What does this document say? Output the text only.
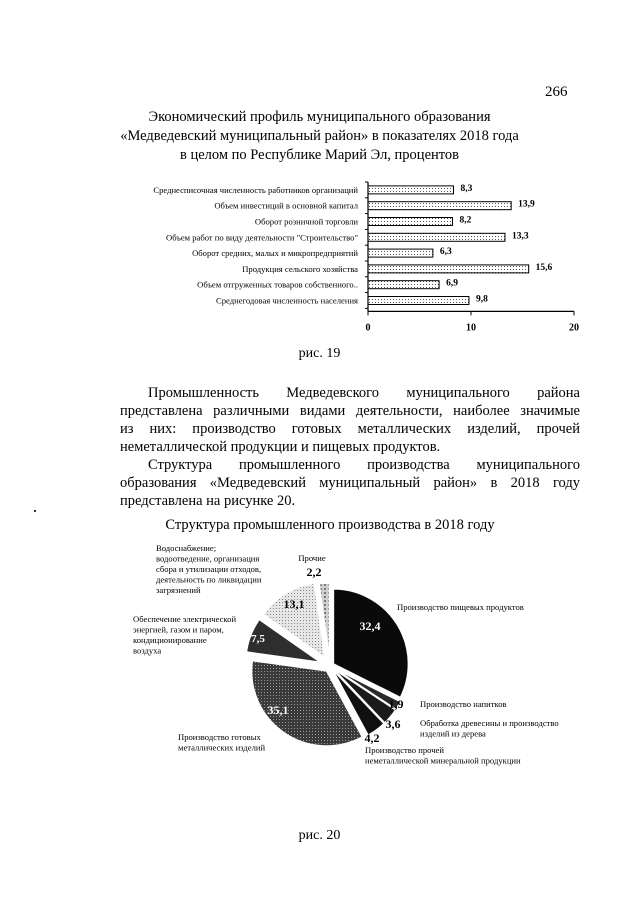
266
Экономический профиль муниципального образования
«Медведевский муниципальный район» в показателях 2018 года
в целом по Республике Марий Эл, процентов
Среднесписочная численность работников организаций	8,3
Объем инвестиций в основной капитал	13,9
Оборот розничной торговли	8,2
Объем работ по виду деятельности "Строительство"	13,3
Оборот средних, малых и микропредприятий	6,3
Продукция сельского хозяйства	15,6
Объем отгруженных товаров собственного..	6,9
Среднегодовая численность населения	9,8
0	10	20
рис. 19
Промышленность Медведевского муниципального района
представлена различными видами деятельности, наиболее значимые
из них: производство готовых металлических изделий, прочей
неметаллической продукции и пищевых продуктов.
Структура промышленного производства муниципального
образования «Медведевский муниципальный район» в 2018 году
представлена на рисунке 20.
Структура промышленного производства в 2018 году
32,4
35,1
7,5
13,1
2,2
1,9
3,6
4,2
Производство пищевых продуктов
Производство напитков
Обработка древесины и производство
изделий из дерева
Производство прочей
неметаллической минеральной продукции
Производство готовых
металлических изделий
Обеспечение электрической
энергией, газом и паром,
кондиционирование
воздуха
Водоснабжение;
водоотведение, организация
сбора и утилизации отходов,
деятельность по ликвидации
загрязнений
Прочие
рис. 20
